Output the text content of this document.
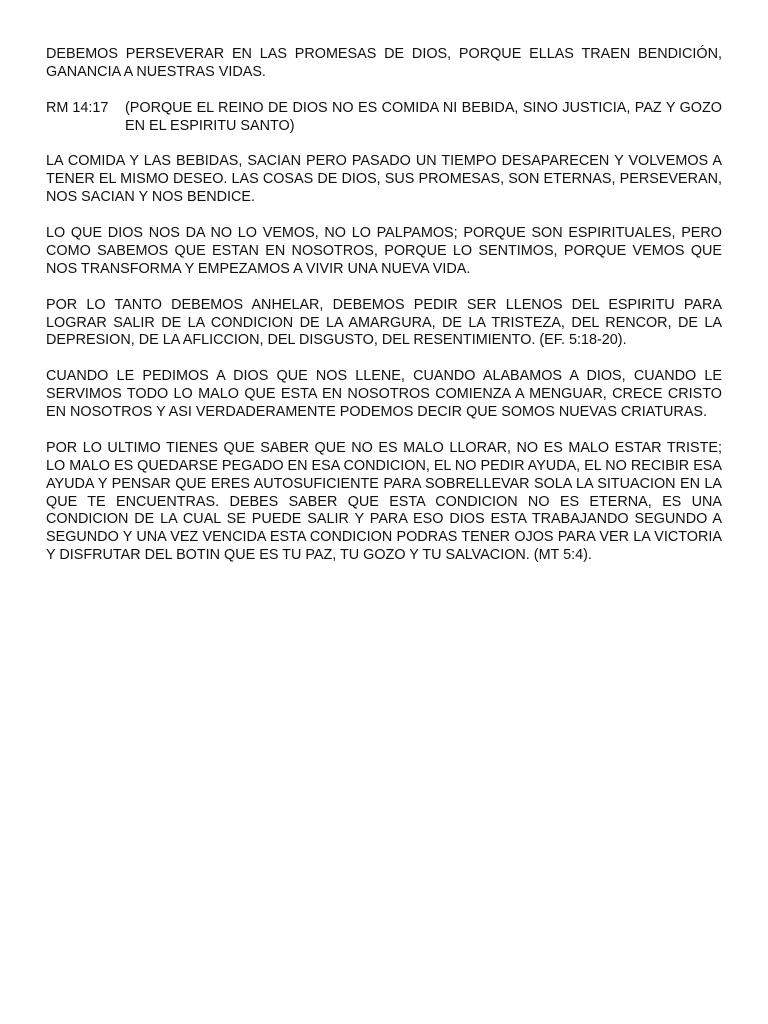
DEBEMOS PERSEVERAR EN LAS PROMESAS DE DIOS, PORQUE ELLAS TRAEN BENDICIÓN, GANANCIA A NUESTRAS VIDAS.

RM 14:17	(PORQUE EL REINO DE DIOS NO ES COMIDA NI BEBIDA, SINO JUSTICIA, PAZ Y GOZO EN EL ESPIRITU SANTO)

LA COMIDA Y LAS BEBIDAS, SACIAN PERO PASADO UN TIEMPO DESAPARECEN Y VOLVEMOS A TENER EL MISMO DESEO. LAS COSAS DE DIOS, SUS PROMESAS, SON ETERNAS, PERSEVERAN, NOS SACIAN Y NOS BENDICE.

LO QUE DIOS NOS DA NO LO VEMOS, NO LO PALPAMOS; PORQUE SON ESPIRITUALES, PERO COMO SABEMOS QUE ESTAN EN NOSOTROS, PORQUE LO SENTIMOS, PORQUE VEMOS QUE NOS TRANSFORMA Y EMPEZAMOS A VIVIR UNA NUEVA VIDA.

POR LO TANTO DEBEMOS ANHELAR, DEBEMOS PEDIR SER LLENOS DEL ESPIRITU PARA LOGRAR SALIR DE LA CONDICION DE LA AMARGURA, DE LA TRISTEZA, DEL RENCOR, DE LA DEPRESION, DE LA AFLICCION, DEL DISGUSTO, DEL RESENTIMIENTO. (EF. 5:18-20).

CUANDO LE PEDIMOS A DIOS QUE NOS LLENE, CUANDO ALABAMOS A DIOS, CUANDO LE SERVIMOS TODO LO MALO QUE ESTA EN NOSOTROS COMIENZA A MENGUAR, CRECE CRISTO EN NOSOTROS Y ASI VERDADERAMENTE PODEMOS DECIR QUE SOMOS NUEVAS CRIATURAS.

POR LO ULTIMO TIENES QUE SABER QUE NO ES MALO LLORAR, NO ES MALO ESTAR TRISTE; LO MALO ES QUEDARSE PEGADO EN ESA CONDICION, EL NO PEDIR AYUDA, EL NO RECIBIR ESA AYUDA Y PENSAR QUE ERES AUTOSUFICIENTE PARA SOBRELLEVAR SOLA LA SITUACION EN LA QUE TE ENCUENTRAS. DEBES SABER QUE ESTA CONDICION NO ES ETERNA, ES UNA CONDICION DE LA CUAL SE PUEDE SALIR Y PARA ESO DIOS ESTA TRABAJANDO SEGUNDO A SEGUNDO Y UNA VEZ VENCIDA ESTA CONDICION PODRAS TENER OJOS PARA VER LA VICTORIA Y DISFRUTAR DEL BOTIN QUE ES TU PAZ, TU GOZO Y TU SALVACION. (MT 5:4).
